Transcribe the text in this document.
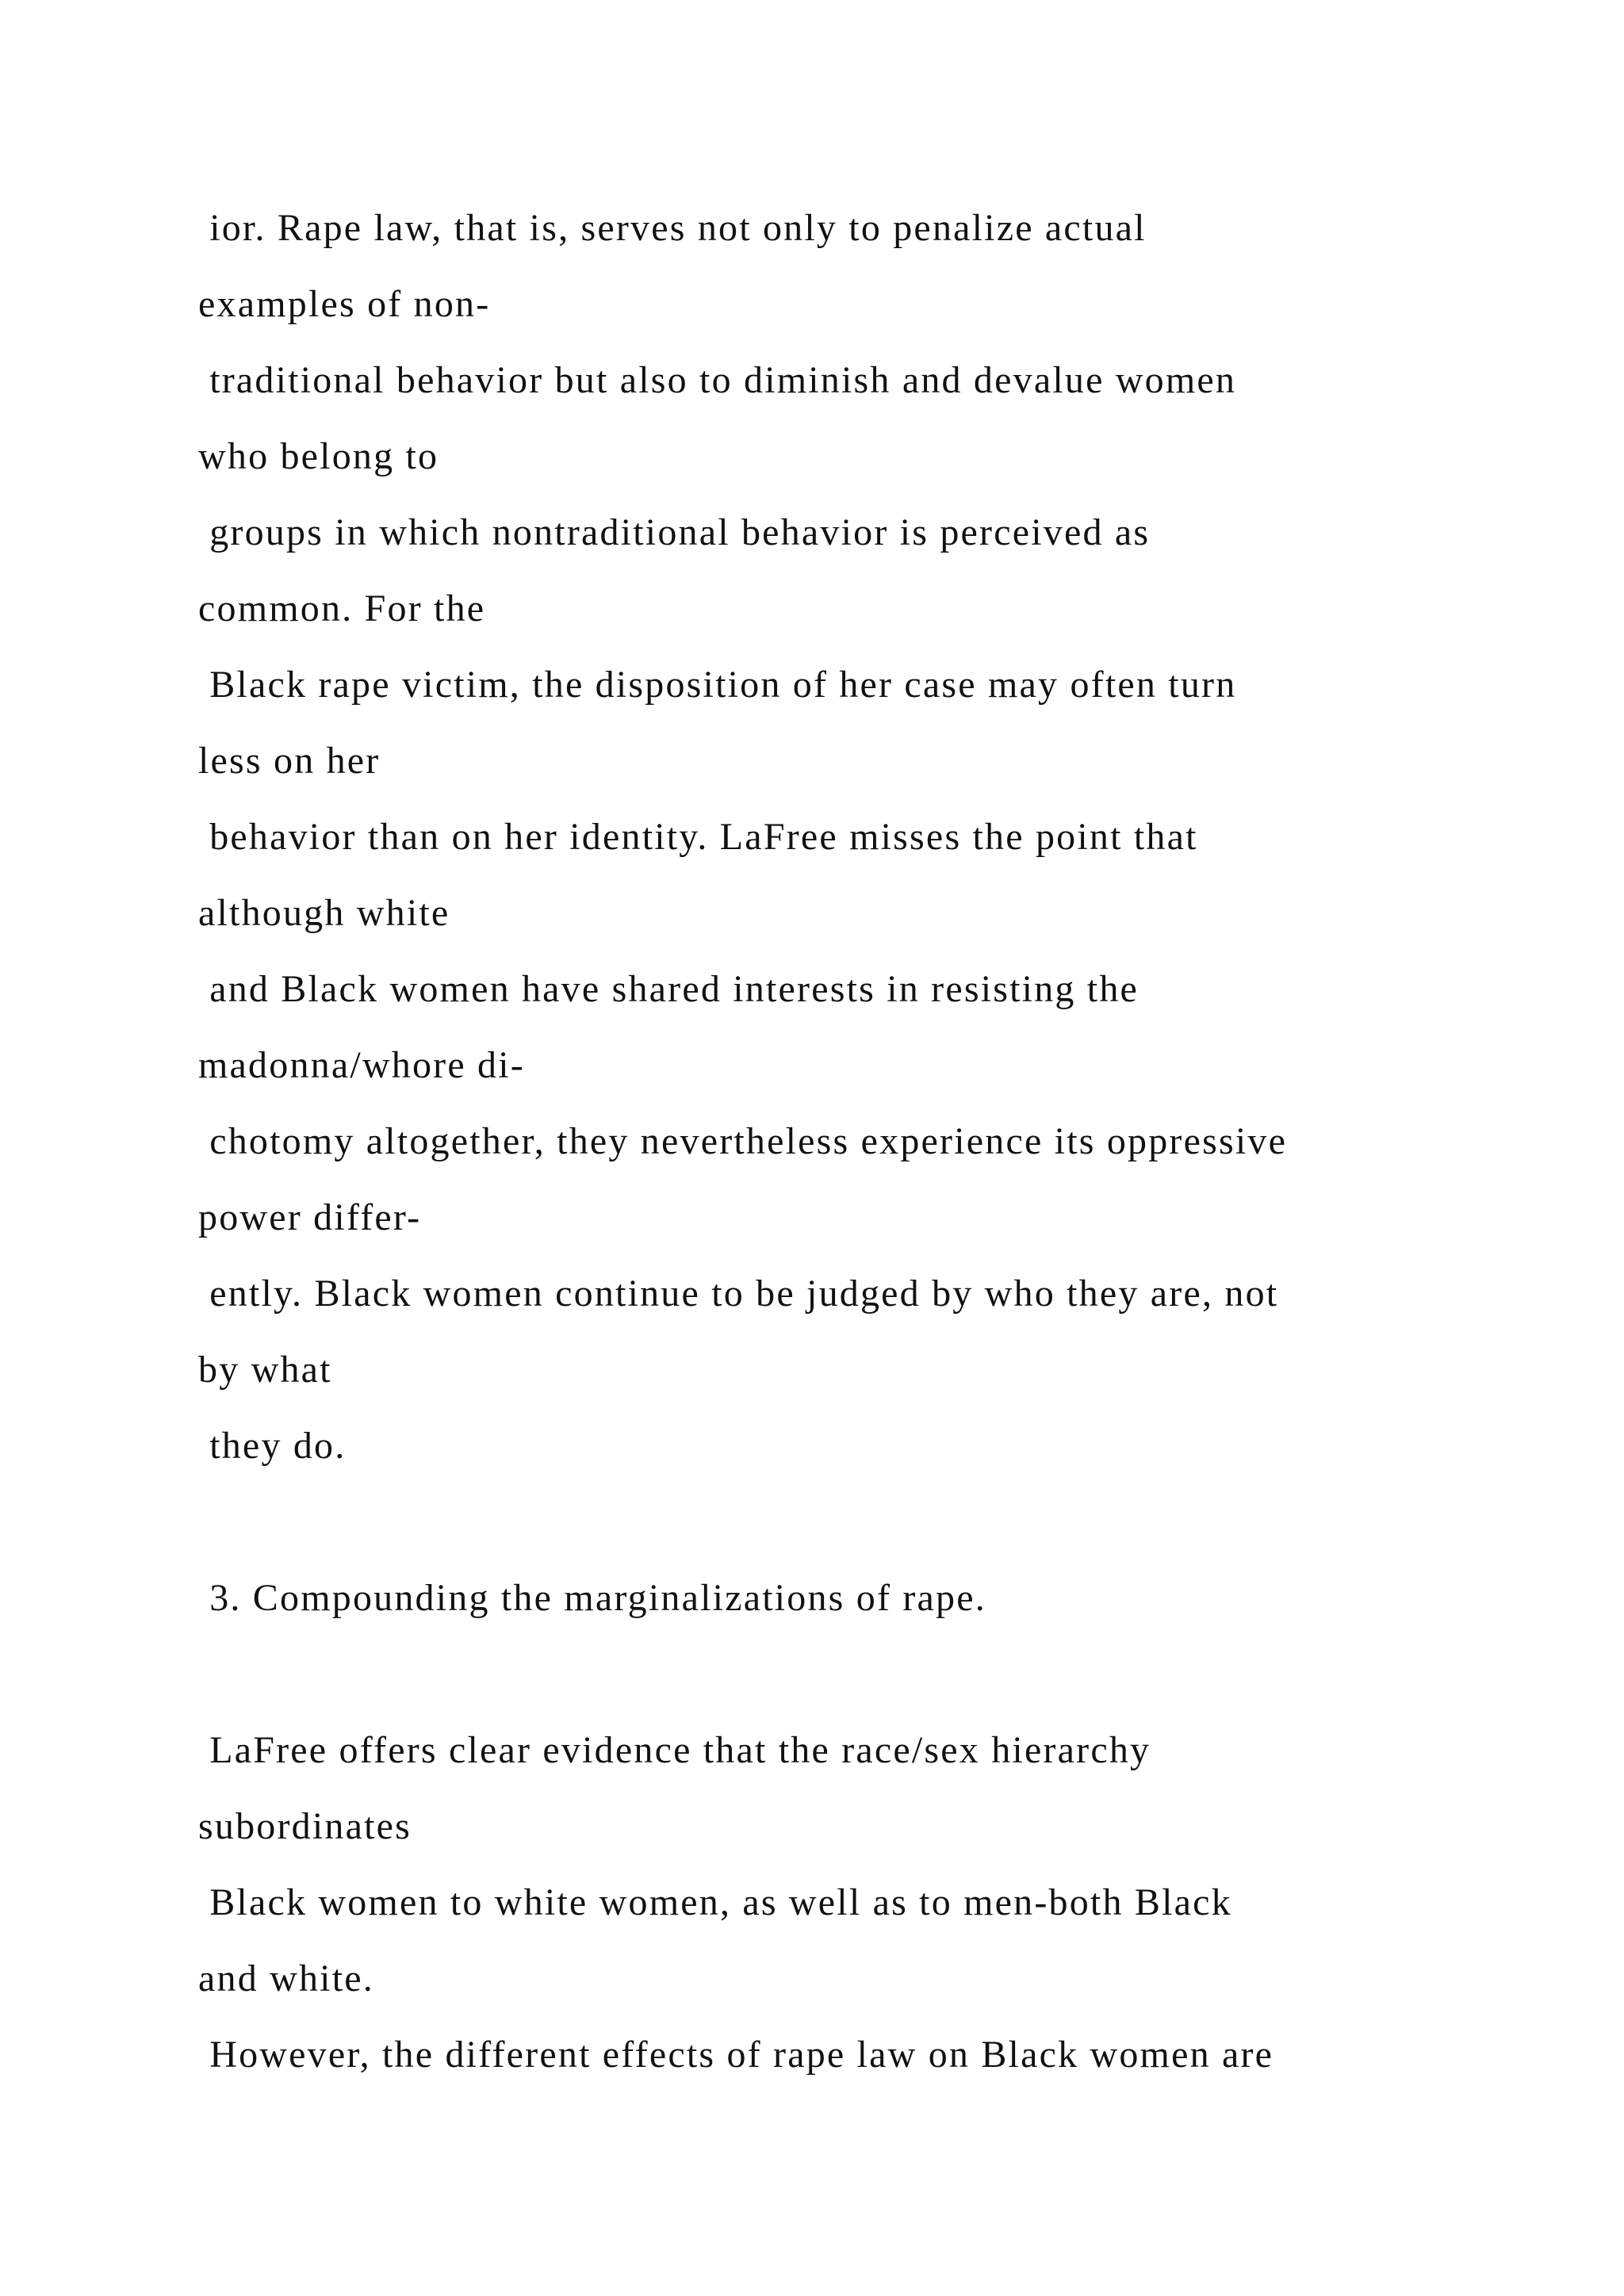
ior. Rape law, that is, serves not only to penalize actual
examples of non-
traditional behavior but also to diminish and devalue women
who belong to
groups in which nontraditional behavior is perceived as
common. For the
Black rape victim, the disposition of her case may often turn
less on her
behavior than on her identity. LaFree misses the point that
although white
and Black women have shared interests in resisting the
madonna/whore di-
chotomy altogether, they nevertheless experience its oppressive
power differ-
ently. Black women continue to be judged by who they are, not
by what
they do.
3. Compounding the marginalizations of rape.
LaFree offers clear evidence that the race/sex hierarchy
subordinates
Black women to white women, as well as to men-both Black
and white.
However, the different effects of rape law on Black women are
